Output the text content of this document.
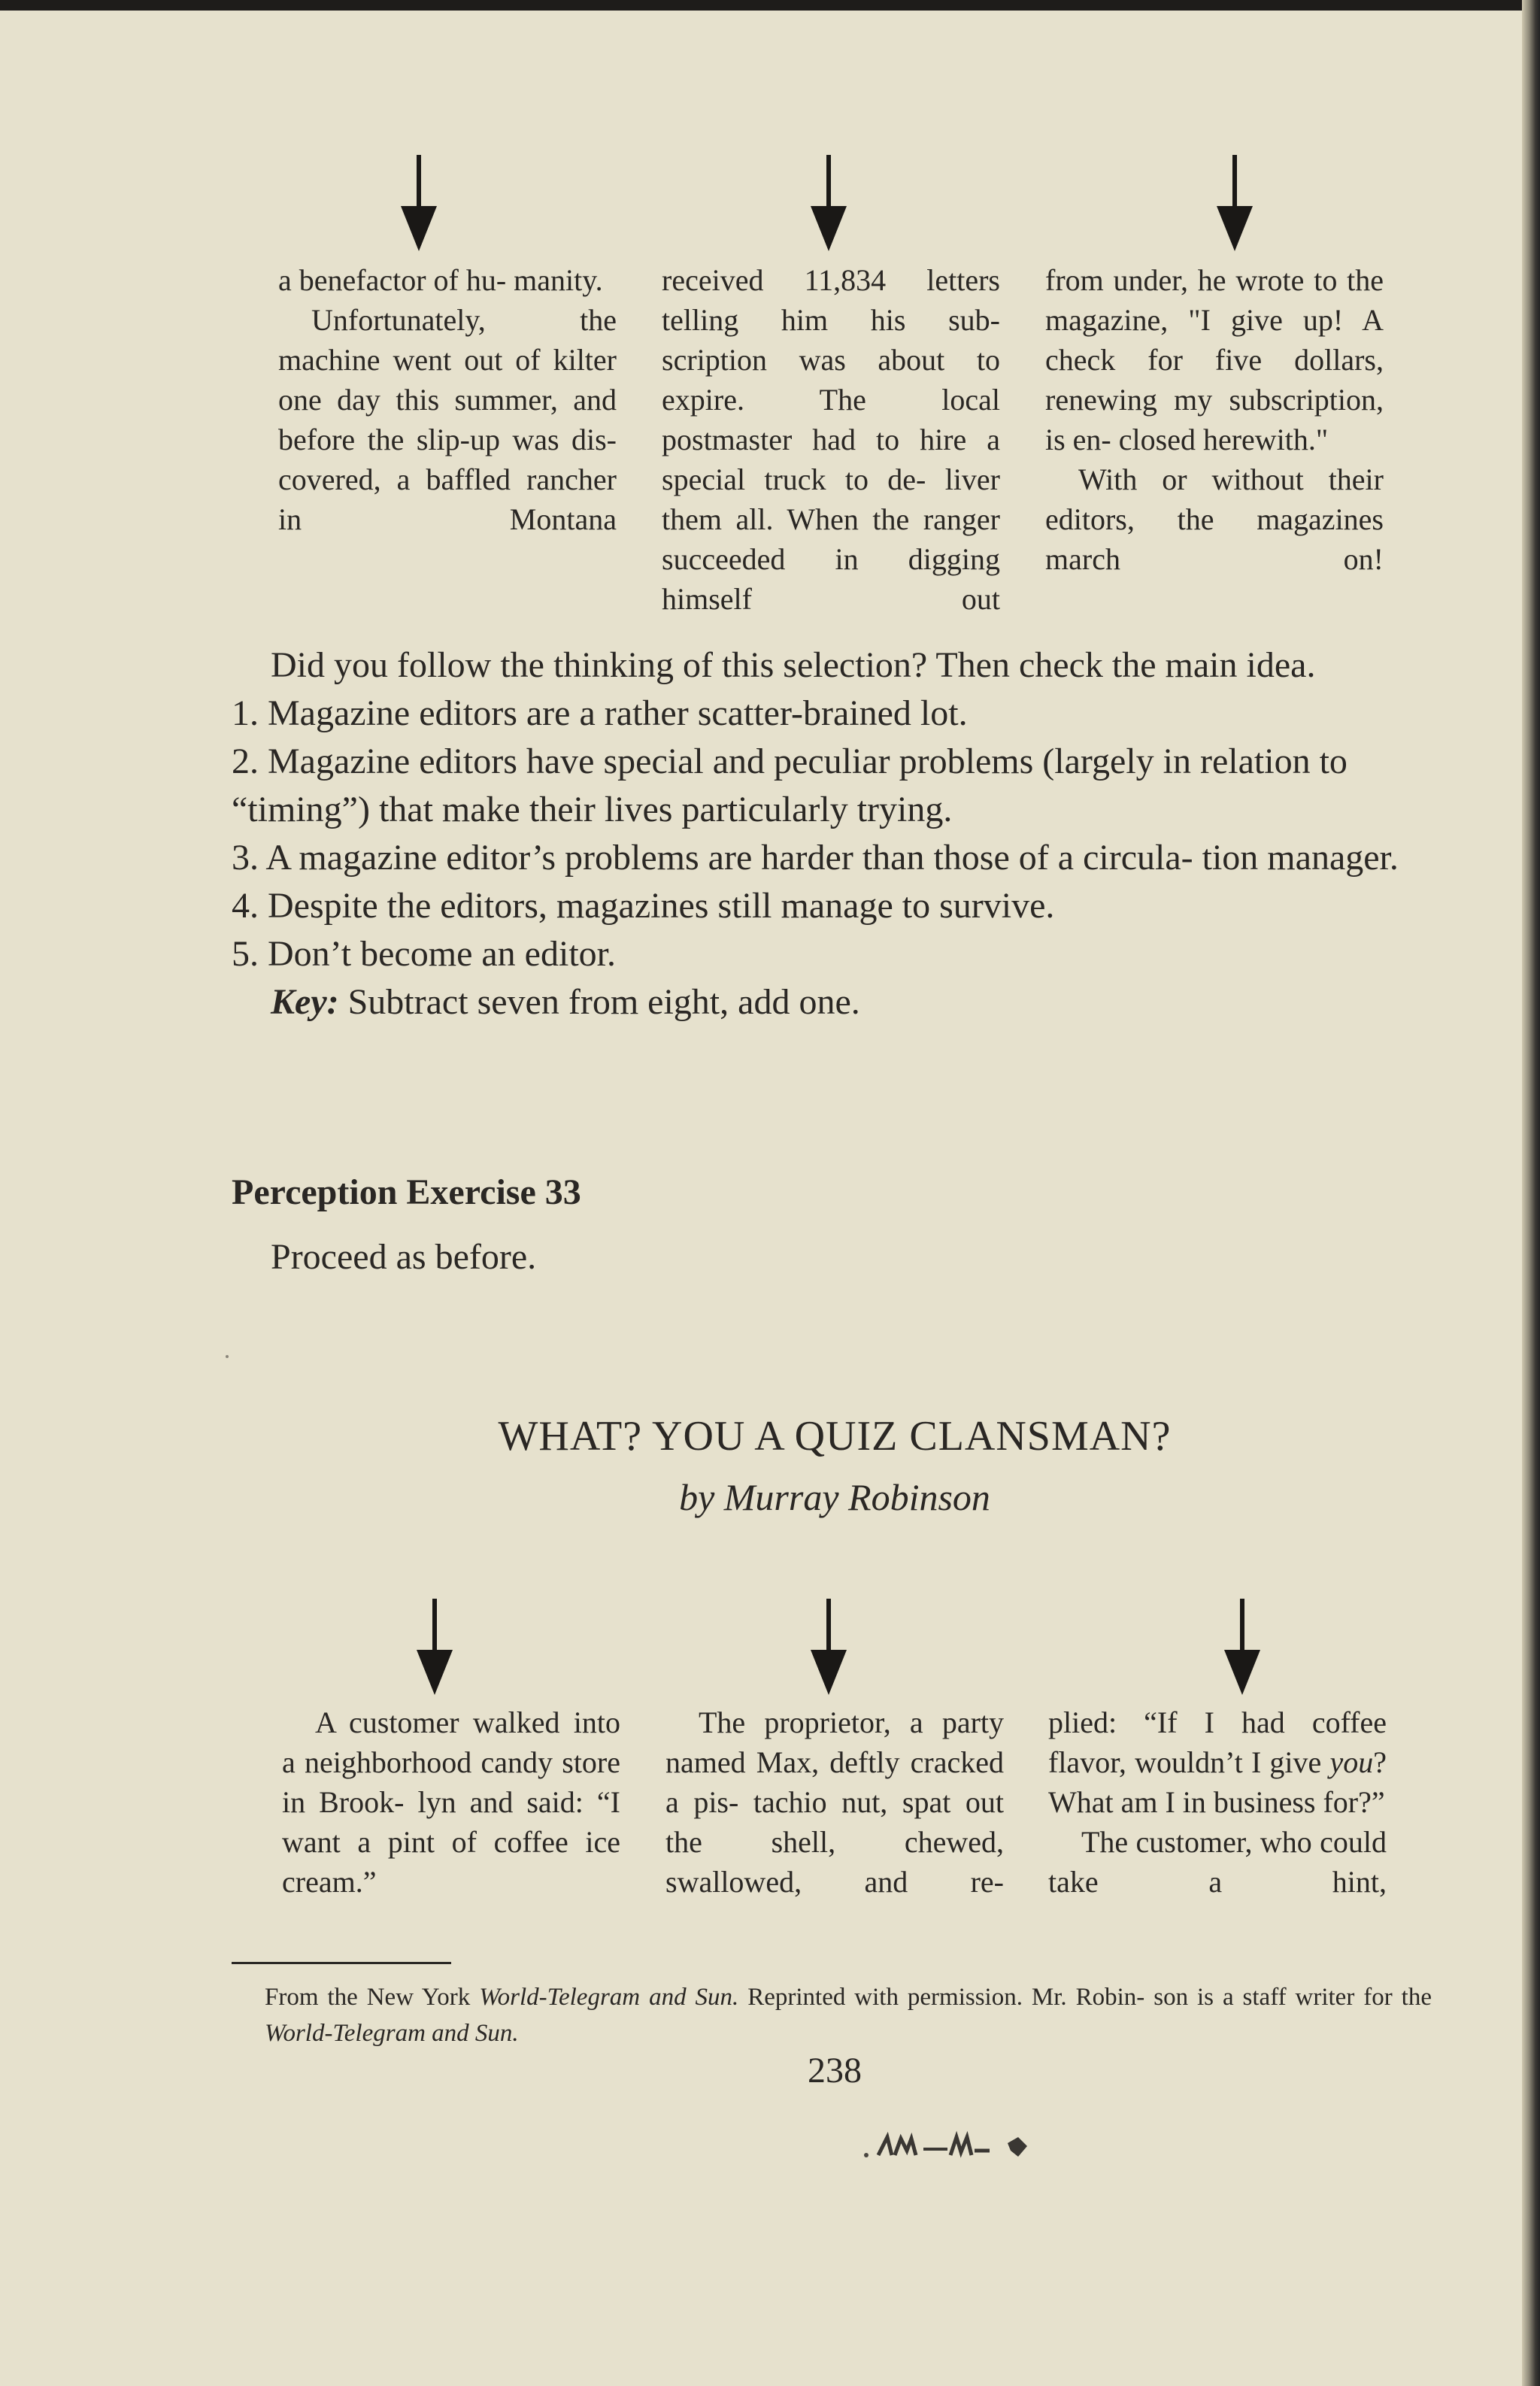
a benefactor of hu- manity.

Unfortunately, the machine went out of kilter one day this summer, and before the slip-up was dis- covered, a baffled rancher in Montana

received 11,834 letters telling him his sub- scription was about to expire. The local postmaster had to hire a special truck to de- liver them all. When the ranger succeeded in digging himself out

from under, he wrote to the magazine, "I give up! A check for five dollars, renewing my subscription, is en- closed herewith."

With or without their editors, the magazines march on!

Did you follow the thinking of this selection? Then check the main idea.

1. Magazine editors are a rather scatter-brained lot.

2. Magazine editors have special and peculiar problems (largely in relation to “timing”) that make their lives particularly trying.

3. A magazine editor’s problems are harder than those of a circula- tion manager.

4. Despite the editors, magazines still manage to survive.

5. Don’t become an editor.

Key: Subtract seven from eight, add one.

Perception Exercise 33
Proceed as before.
WHAT? YOU A QUIZ CLANSMAN?
by Murray Robinson

A customer walked into a neighborhood candy store in Brook- lyn and said: “I want a pint of coffee ice cream.”

The proprietor, a party named Max, deftly cracked a pis- tachio nut, spat out the shell, chewed, swallowed, and re-

plied: “If I had coffee flavor, wouldn’t I give you? What am I in business for?”

The customer, who could take a hint,

From the New York World-Telegram and Sun. Reprinted with permission. Mr. Robin- son is a staff writer for the World-Telegram and Sun.

238
